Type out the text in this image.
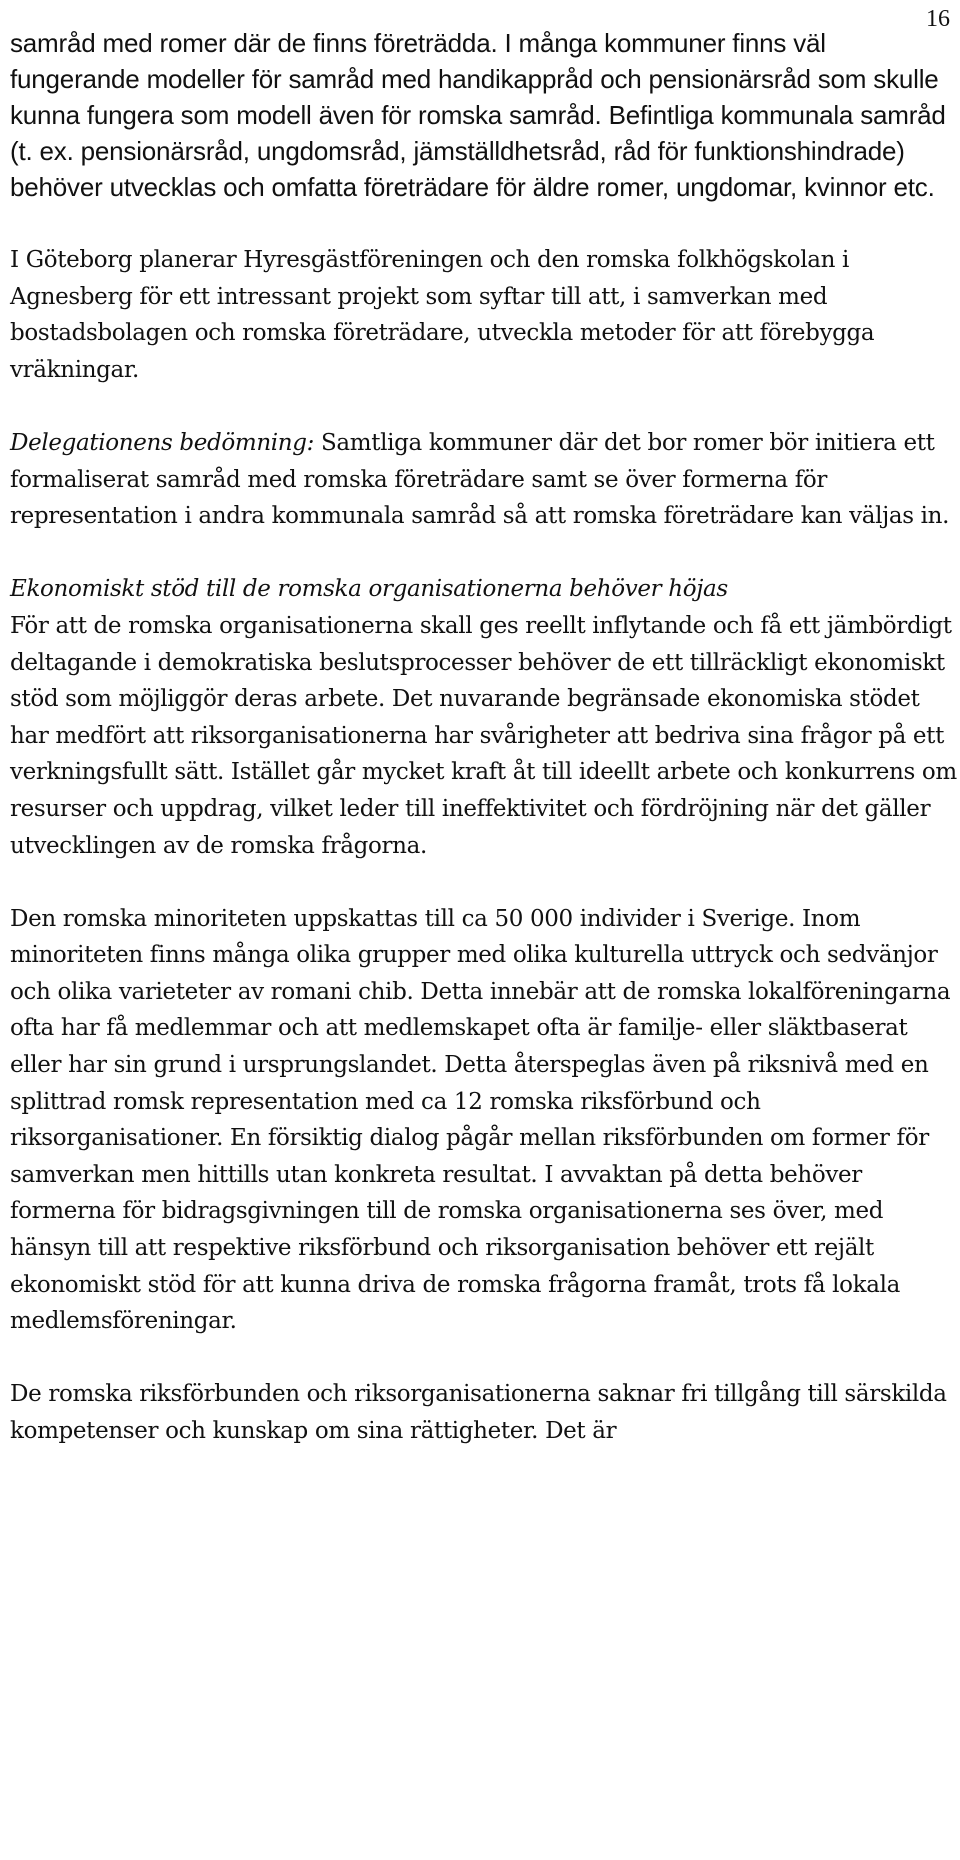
16

samråd med romer där de finns företrädda. I många kommuner finns väl fungerande modeller för samråd med handikappråd och pensionärsråd som skulle kunna fungera som modell även för romska samråd. Befintliga kommunala samråd (t. ex. pensionärsråd, ungdomsråd, jämställdhetsråd, råd för funktionshindrade) behöver utvecklas och omfatta företrädare för äldre romer, ungdomar, kvinnor etc.

I Göteborg planerar Hyresgästföreningen och den romska folkhögskolan i Agnesberg för ett intressant projekt som syftar till att, i samverkan med bostadsbolagen och romska företrädare, utveckla metoder för att förebygga vräkningar.

Delegationens bedömning: Samtliga kommuner där det bor romer bör initiera ett formaliserat samråd med romska företrädare samt se över formerna för representation i andra kommunala samråd så att romska företrädare kan väljas in.

Ekonomiskt stöd till de romska organisationerna behöver höjas

För att de romska organisationerna skall ges reellt inflytande och få ett jämbördigt deltagande i demokratiska beslutsprocesser behöver de ett tillräckligt ekonomiskt stöd som möjliggör deras arbete. Det nuvarande begränsade ekonomiska stödet har medfört att riksorganisationerna har svårigheter att bedriva sina frågor på ett verkningsfullt sätt. Istället går mycket kraft åt till ideellt arbete och konkurrens om resurser och uppdrag, vilket leder till ineffektivitet och fördröjning när det gäller utvecklingen av de romska frågorna.

Den romska minoriteten uppskattas till ca 50 000 individer i Sverige. Inom minoriteten finns många olika grupper med olika kulturella uttryck och sedvänjor och olika varieteter av romani chib. Detta innebär att de romska lokalföreningarna ofta har få medlemmar och att medlemskapet ofta är familje- eller släktbaserat eller har sin grund i ursprungslandet. Detta återspeglas även på riksnivå med en splittrad romsk representation med ca 12 romska riksförbund och riksorganisationer. En försiktig dialog pågår mellan riksförbunden om former för samverkan men hittills utan konkreta resultat. I avvaktan på detta behöver formerna för bidragsgivningen till de romska organisationerna ses över, med hänsyn till att respektive riksförbund och riksorganisation behöver ett rejält ekonomiskt stöd för att kunna driva de romska frågorna framåt, trots få lokala medlemsföreningar.

De romska riksförbunden och riksorganisationerna saknar fri tillgång till särskilda kompetenser och kunskap om sina rättigheter. Det är
